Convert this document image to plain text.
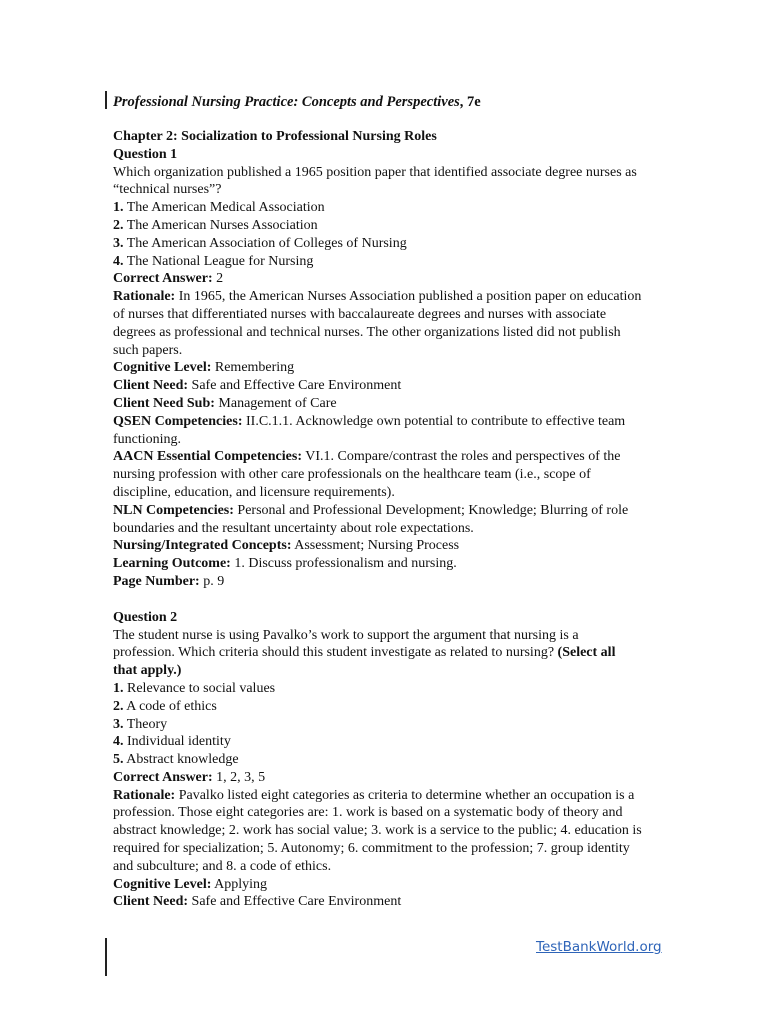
Professional Nursing Practice: Concepts and Perspectives, 7e

Chapter 2: Socialization to Professional Nursing Roles

Question 1

Which organization published a 1965 position paper that identified associate degree nurses as “technical nurses”?

1. The American Medical Association

2. The American Nurses Association

3. The American Association of Colleges of Nursing

4. The National League for Nursing

Correct Answer: 2

Rationale: In 1965, the American Nurses Association published a position paper on education of nurses that differentiated nurses with baccalaureate degrees and nurses with associate degrees as professional and technical nurses. The other organizations listed did not publish such papers.

Cognitive Level: Remembering

Client Need: Safe and Effective Care Environment

Client Need Sub: Management of Care

QSEN Competencies: II.C.1.1. Acknowledge own potential to contribute to effective team functioning.

AACN Essential Competencies: VI.1. Compare/contrast the roles and perspectives of the nursing profession with other care professionals on the healthcare team (i.e., scope of discipline, education, and licensure requirements).

NLN Competencies: Personal and Professional Development; Knowledge; Blurring of role boundaries and the resultant uncertainty about role expectations.

Nursing/Integrated Concepts: Assessment; Nursing Process

Learning Outcome: 1. Discuss professionalism and nursing.

Page Number: p. 9

Question 2

The student nurse is using Pavalko’s work to support the argument that nursing is a profession. Which criteria should this student investigate as related to nursing? (Select all that apply.)

1. Relevance to social values

2. A code of ethics

3. Theory

4. Individual identity

5. Abstract knowledge

Correct Answer: 1, 2, 3, 5

Rationale: Pavalko listed eight categories as criteria to determine whether an occupation is a profession. Those eight categories are: 1. work is based on a systematic body of theory and abstract knowledge; 2. work has social value; 3. work is a service to the public; 4. education is required for specialization; 5. Autonomy; 6. commitment to the profession; 7. group identity and subculture; and 8. a code of ethics.

Cognitive Level: Applying

Client Need: Safe and Effective Care Environment

TestBankWorld.org
